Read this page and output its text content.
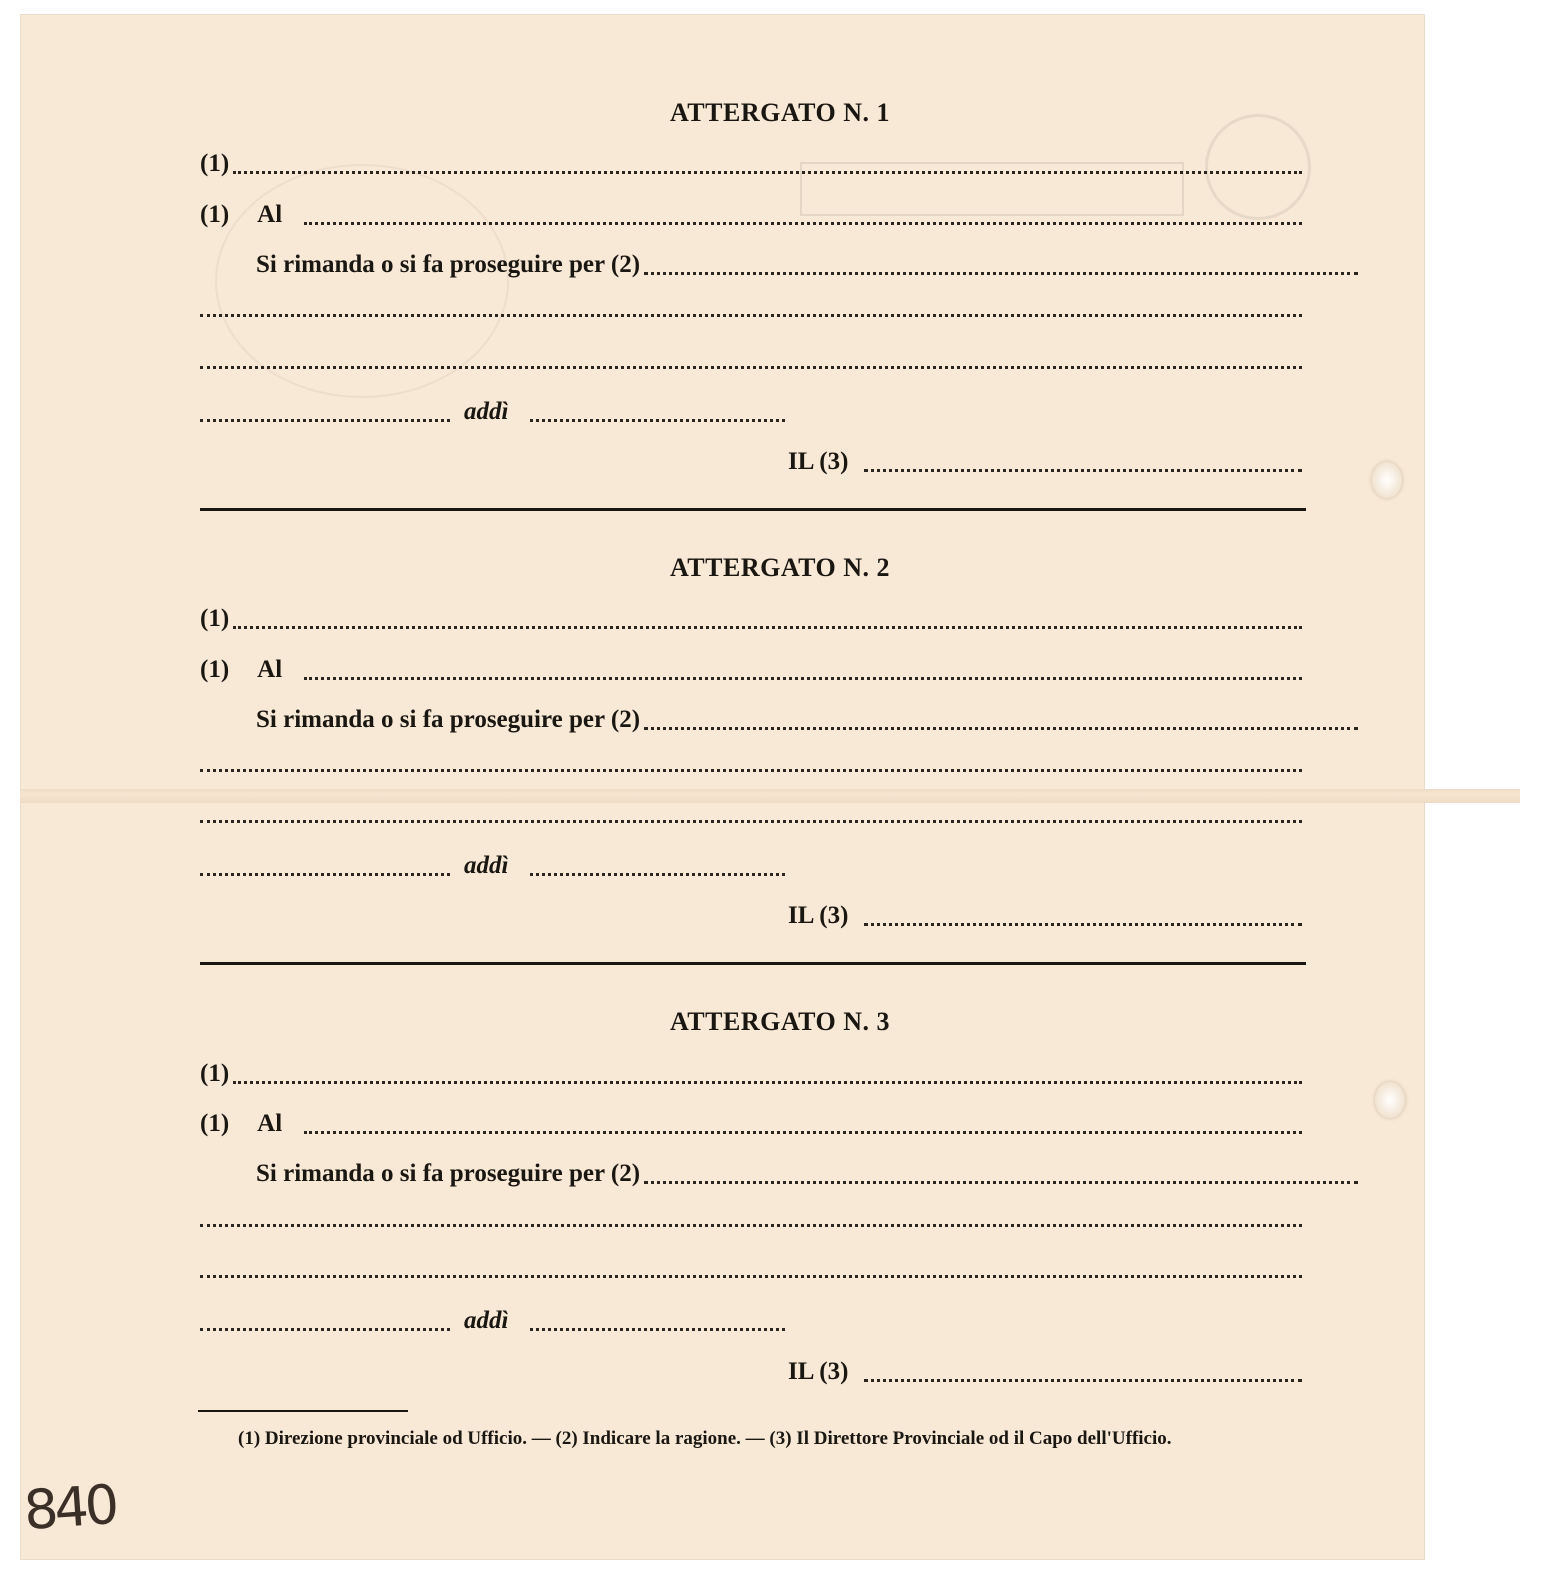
ATTERGATO N. 1
(1)
(1) Al
Si rimanda o si fa proseguire per (2)
addì
IL (3)
ATTERGATO N. 2
(1)
(1) Al
Si rimanda o si fa proseguire per (2)
addì
IL (3)
ATTERGATO N. 3
(1)
(1) Al
Si rimanda o si fa proseguire per (2)
addì
IL (3)
(1) Direzione provinciale od Ufficio. — (2) Indicare la ragione. — (3) Il Direttore Provinciale od il Capo dell'Ufficio.
840
